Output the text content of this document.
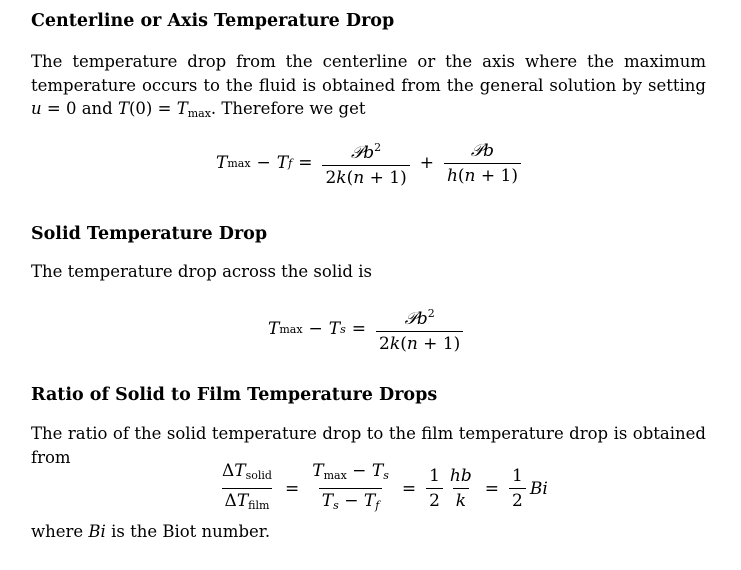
Centerline or Axis Temperature Drop
The temperature drop from the centerline or the axis where the maximum temperature occurs to the fluid is obtained from the general solution by setting u = 0 and $T(0) = T_{max}$. Therefore we get
T max − T $f = \frac{𝒫b^2}{2k(n + 1)} + \frac{\text{𝒫b}}{h(n + 1)}$
Solid Temperature Drop
The temperature drop across the solid is
T max − T $s = \frac{𝒫b^2}{2k(n + 1)}$
Ratio of Solid to Film Temperature Drops
The ratio of the solid temperature drop to the film temperature drop is obtained from
$\frac{\Delta T_{solid}}{\Delta T_{film}} = \frac{T_{max} - Ts}{Ts - Tf} = \frac{1}{2} \frac{hb}{k} = \frac{1}{2}$ Bi
where Bi is the Biot number.
